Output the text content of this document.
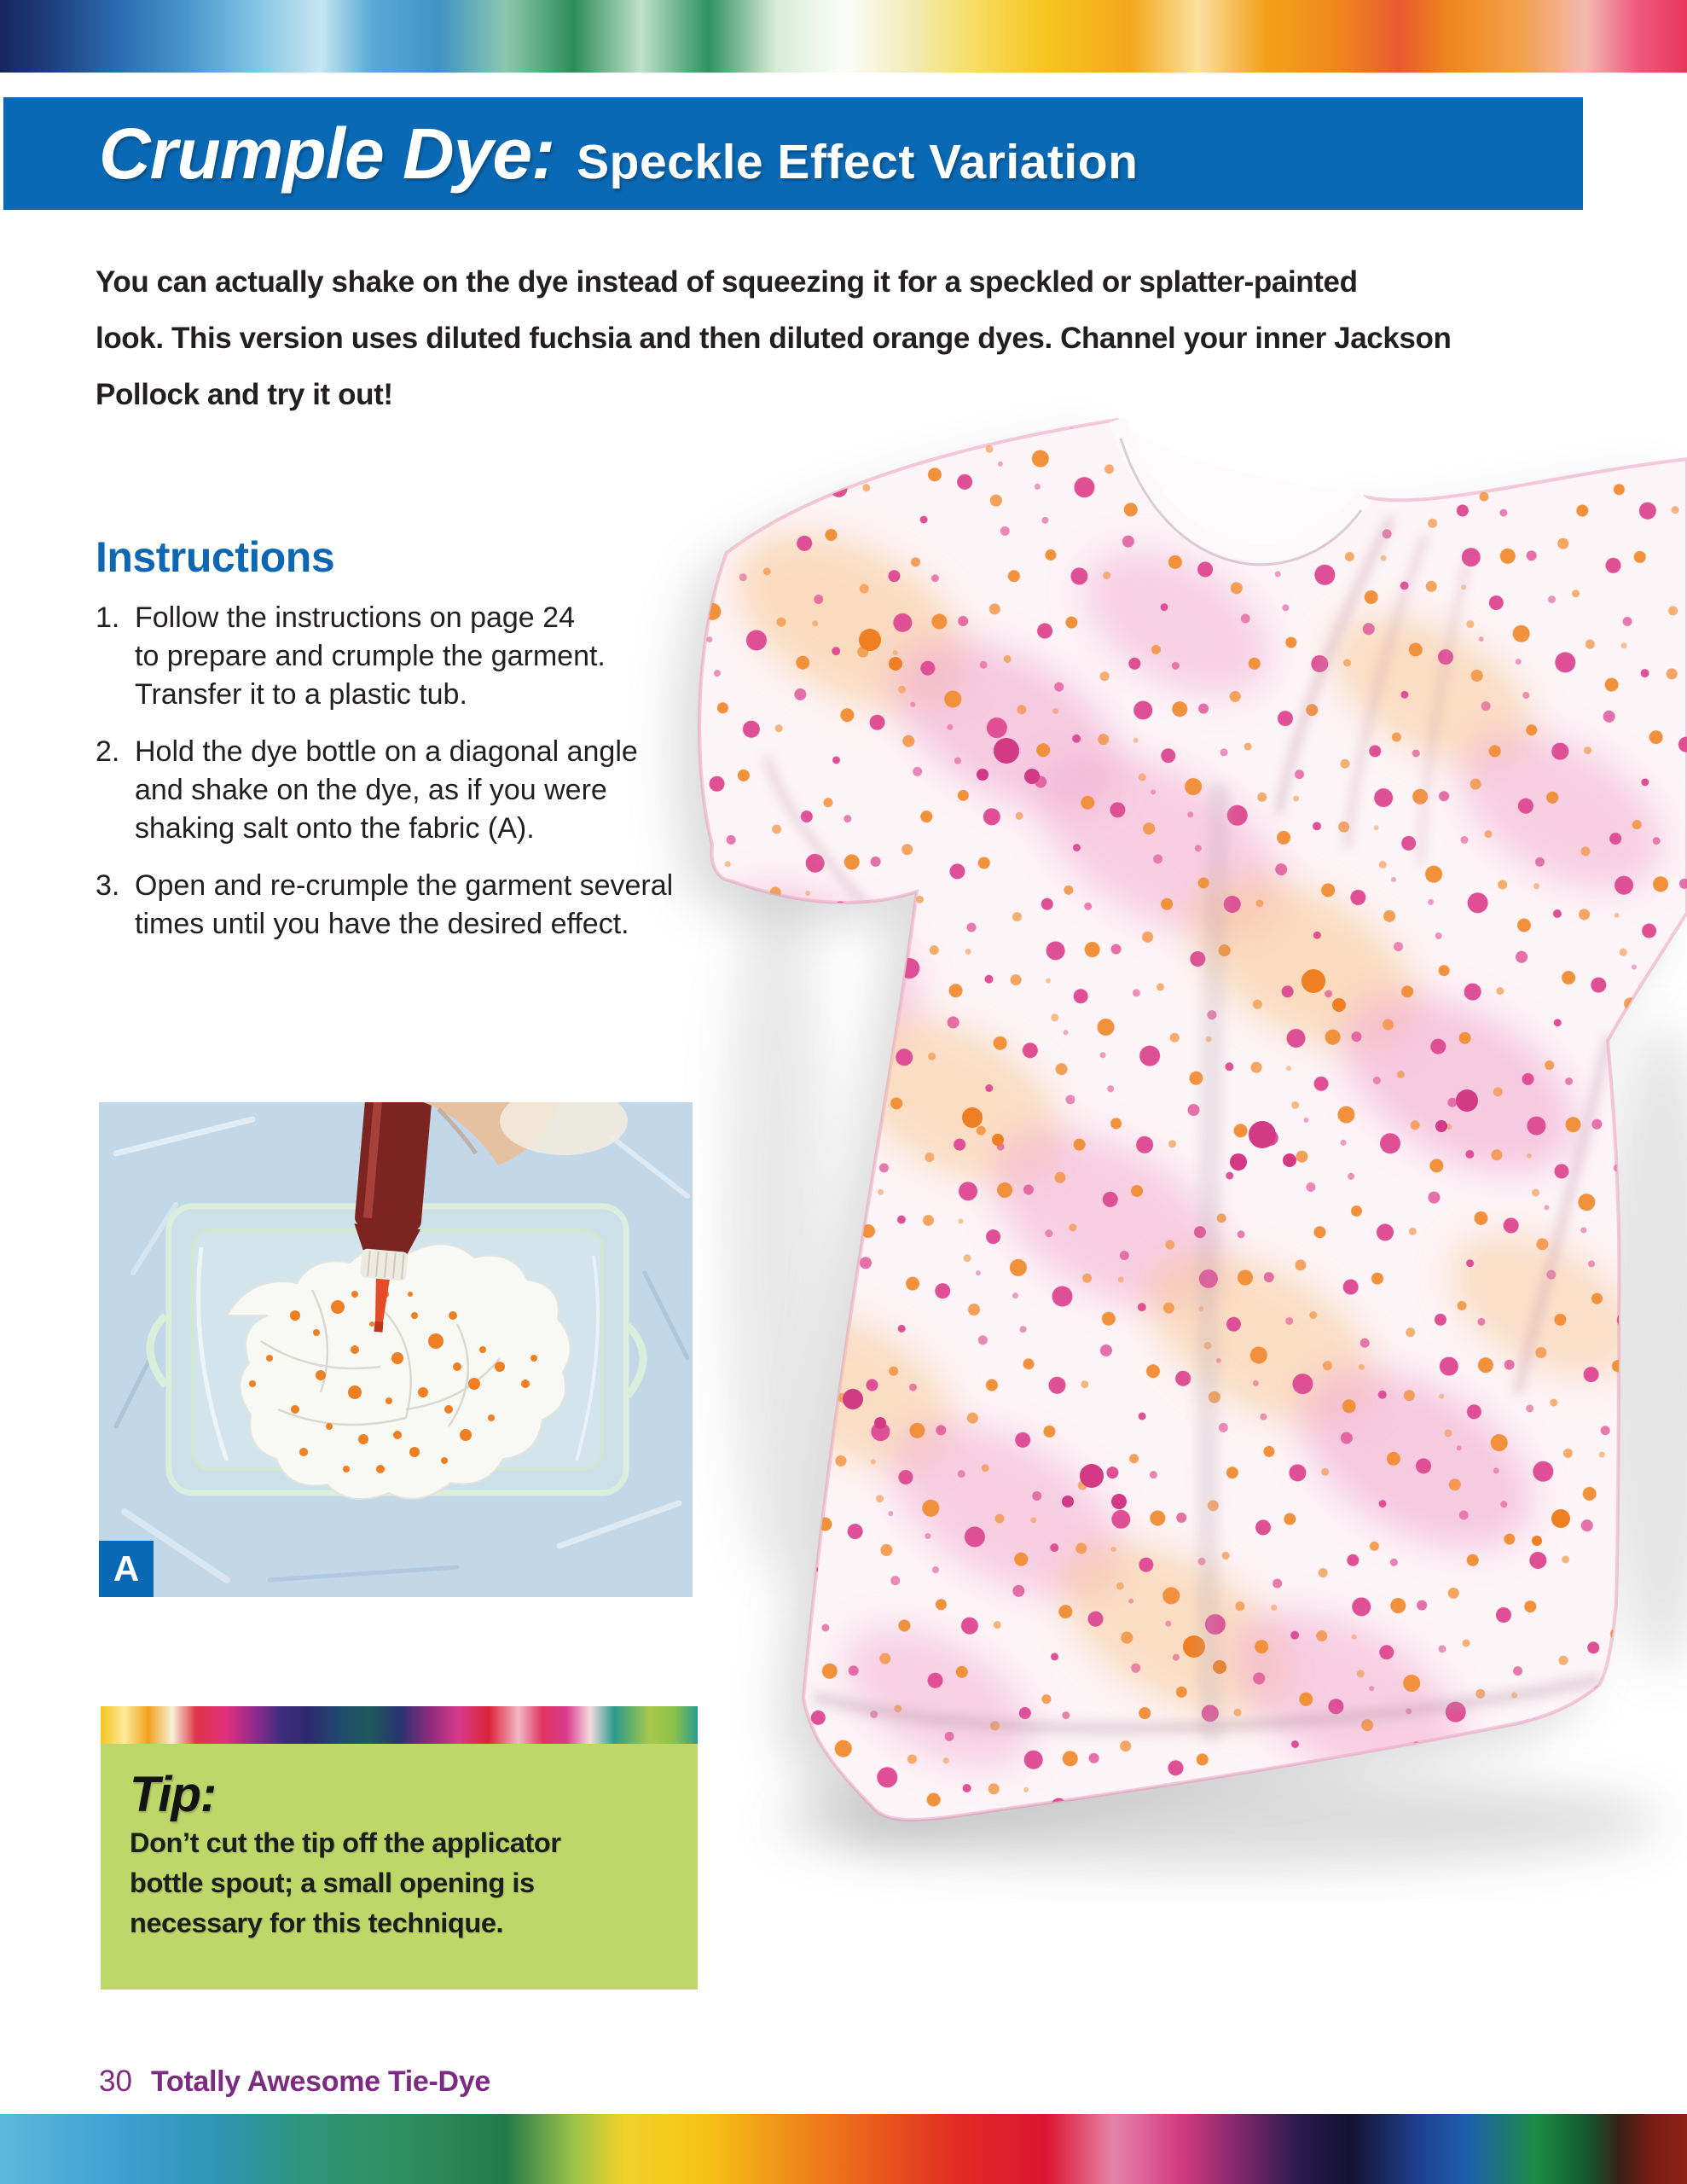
Crumple Dye: Speckle Effect Variation
You can actually shake on the dye instead of squeezing it for a speckled or splatter-painted
look. This version uses diluted fuchsia and then diluted orange dyes. Channel your inner Jackson
Pollock and try it out!
Instructions
1. Follow the instructions on page 24
to prepare and crumple the garment.
Transfer it to a plastic tub.
2. Hold the dye bottle on a diagonal angle
and shake on the dye, as if you were
shaking salt onto the fabric (A).
3. Open and re-crumple the garment several
times until you have the desired effect.
A
Tip:
Don’t cut the tip off the applicator
bottle spout; a small opening is
necessary for this technique.
30 Totally Awesome Tie-Dye
